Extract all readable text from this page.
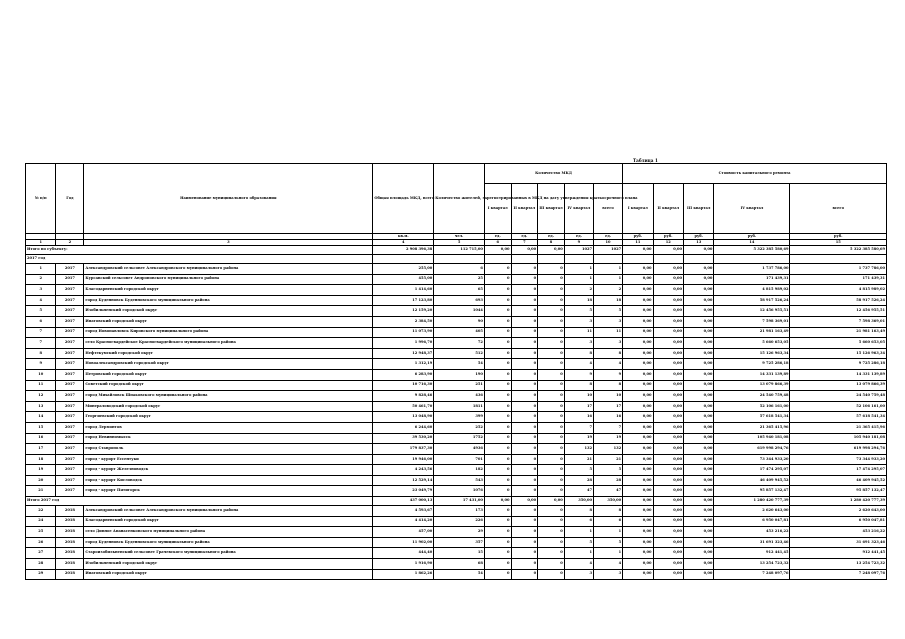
Таблица 1
№ п/п	Год	Наименование муниципального образования	Общая площадь МКД, всего	Количество жителей, зарегистрированных в МКД на дату утверждения краткосрочного плана	Количество МКД					Стоимость капитального ремонта				
					I квартал	II квартал	III квартал	IV квартал	всего	I квартал	II квартал	III квартал	IV квартал	всего
			кв.м.	чел.	ед.	ед.	ед.	ед.	ед.	руб.	руб.	руб.	руб.	руб.
1	2	3	4	5	6	7	8	9	10	11	12	13	14	15
Итого по субъекту:			2 908 396,38	112 715,00	0,00	0,00	0,00	1027	1027	0,00	0,00	0,00	5 322 385 580,69	5 322 385 580,69
2017 год														
1	2017	Александровский сельсовет Александровского муниципального района	255,00	6	0	0	0	1	1	0,00	0,00	0,00	1 737 786,00	1 737 786,00
2	2017	Курсавский сельсовет Андроповского муниципального района	455,00	25	0	0	0	1	1	0,00	0,00	0,00	171 439,31	171 439,31
3	2017	Благодарненский городской округ	1 414,60	65	0	0	0	2	2	0,00	0,00	0,00	4 815 989,02	4 815 989,02
4	2017	город Буденновск Буденновского муниципального района	17 123,80	693	0	0	0	18	18	0,00	0,00	0,00	58 917 526,24	58 917 526,24
5	2017	Изобильненский городской округ	12 159,20	1044	0	0	0	5	5	0,00	0,00	0,00	12 456 955,51	12 456 955,51
6	2017	Ипатовский городской округ	2 384,50	90	0	0	0	3	3	0,00	0,00	0,00	7 598 369,01	7 598 369,01
7	2017	город Новопавловск Кировского муниципального района	11 073,90	405	0	0	0	11	11	0,00	0,00	0,00	21 981 163,49	21 981 163,49
7	2017	село Красногвардейское Красногвардейского муниципального района	1 996,70	72	0	0	0	3	3	0,00	0,00	0,00	5 660 653,05	5 660 653,05
8	2017	Нефтекумский городской округ	12 948,37	512	0	0	0	8	8	0,00	0,00	0,00	15 126 963,34	15 126 963,34
9	2017	Новоалександровский городской округ	1 312,19	54	0	0	0	4	4	0,00	0,00	0,00	9 725 286,18	9 725 286,18
10	2017	Петровский городской округ	6 283,90	190	0	0	0	9	9	0,00	0,00	0,00	14 331 139,89	14 331 139,89
11	2017	Советский городской округ	10 716,30	251	0	0	0	8	8	0,00	0,00	0,00	13 079 866,39	13 079 866,39
12	2017	город Михайловск Шпаковского муниципального района	9 828,46	436	0	0	0	10	10	0,00	0,00	0,00	24 540 759,48	24 540 759,48
13	2017	Минераловодский городской округ	50 461,70	1811	0	0	0	17	17	0,00	0,00	0,00	52 106 161,00	52 106 161,00
14	2017	Георгиевский городской округ	13 048,90	399	0	0	0	16	16	0,00	0,00	0,00	57 618 541,34	57 618 541,34
15	2017	город Лермонтов	6 244,60	252	0	0	0	7	7	0,00	0,00	0,00	21 365 415,96	21 365 415,96
16	2017	город Невинномысск	39 530,20	1752	0	0	0	19	19	0,00	0,00	0,00	105 940 181,08	105 940 181,08
17	2017	город Ставрополь	179 837,30	4936	0	0	0	132	132	0,00	0,00	0,00	619 998 294,76	619 998 294,76
18	2017	город - курорт Ессентуки	19 946,00	701	0	0	0	21	21	0,00	0,00	0,00	73 344 933,20	73 344 933,20
19	2017	город - курорт Железноводск	4 243,56	182	0	0	0	5	5	0,00	0,00	0,00	17 474 295,07	17 474 295,07
20	2017	город - курорт Кисловодск	12 529,14	543	0	0	0	28	28	0,00	0,00	0,00	46 409 945,52	46 409 945,52
21	2017	город - курорт Пятигорск	23 049,79	1076	0	0	0	47	47	0,00	0,00	0,00	95 857 132,47	95 857 132,47
Итого 2017 год			437 000,13	17 431,00	0,00	0,00	0,00	350,00	350,00	0,00	0,00	0,00	1 280 420 777,39	1 280 420 777,39
22	2018	Александровский сельсовет Александровского муниципального района	4 593,67	173	0	0	0	8	8	0,00	0,00	0,00	2 620 643,00	2 620 643,00
24	2018	Благодарненский городской округ	4 414,20	226	0	0	0	6	6	0,00	0,00	0,00	6 950 047,81	6 950 047,81
25	2018	село Дивное Апанасенковского муниципального района	457,00	29	0	0	0	1	1	0,00	0,00	0,00	453 216,22	453 216,22
26	2018	город Буденновск Буденновского муниципального района	11 902,00	357	0	0	0	5	5	0,00	0,00	0,00	31 691 323,46	31 691 323,46
27	2018	Староизобильненский сельсовет Грачевского муниципального района	444,40	15	0	0	0	1	1	0,00	0,00	0,00	912 441,45	912 441,45
28	2018	Изобильненский городской округ	1 916,90	68	0	0	0	4	4	0,00	0,00	0,00	13 254 723,32	13 254 723,32
29	2018	Ипатовский городской округ	1 862,26	54	0	0	0	3	3	0,00	0,00	0,00	7 248 097,76	7 248 097,76
